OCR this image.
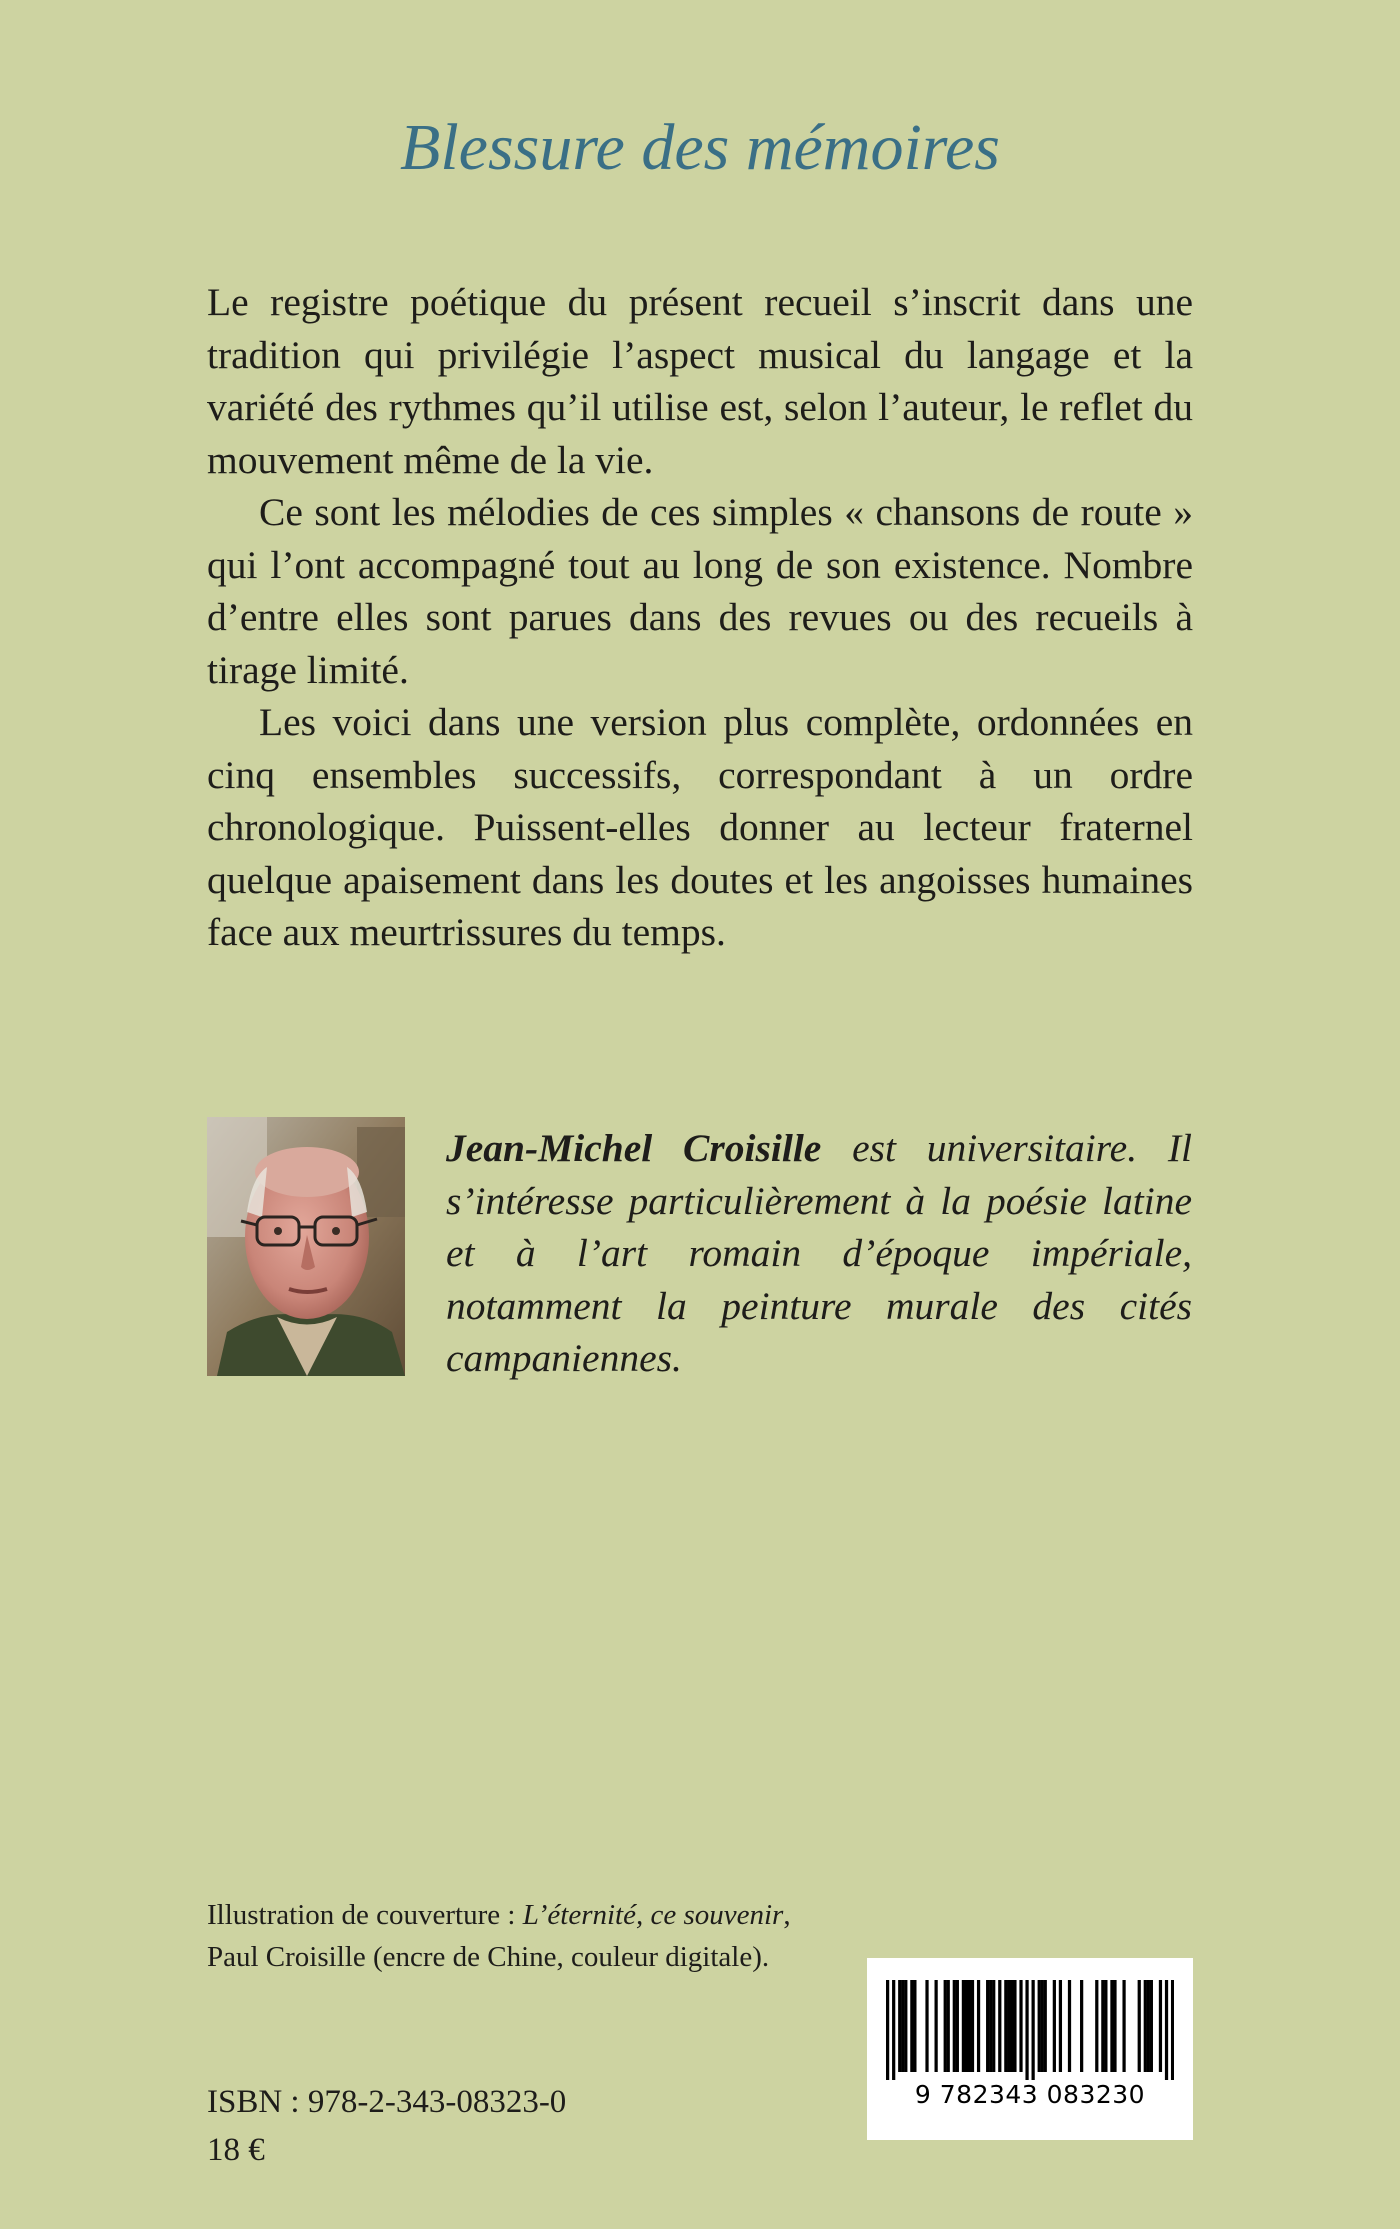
Blessure des mémoires

Le registre poétique du présent recueil s’inscrit dans une tradition qui privilégie l’aspect musical du langage et la variété des rythmes qu’il utilise est, selon l’auteur, le reflet du mouvement même de la vie.

Ce sont les mélodies de ces simples « chansons de route » qui l’ont accompagné tout au long de son existence. Nombre d’entre elles sont parues dans des revues ou des recueils à tirage limité.

Les voici dans une version plus complète, ordonnées en cinq ensembles successifs, correspondant à un ordre chronologique. Puissent-elles donner au lecteur fraternel quelque apaisement dans les doutes et les angoisses humaines face aux meurtrissures du temps.

Jean-Michel Croisille est universitaire. Il s’intéresse particulièrement à la poésie latine et à l’art romain d’époque impériale, notamment la peinture murale des cités campaniennes.
Illustration de couverture : L’éternité, ce souvenir,
Paul Croisille (encre de Chine, couleur digitale).
9 782343 083230
ISBN : 978-2-343-08323-0
18 €
